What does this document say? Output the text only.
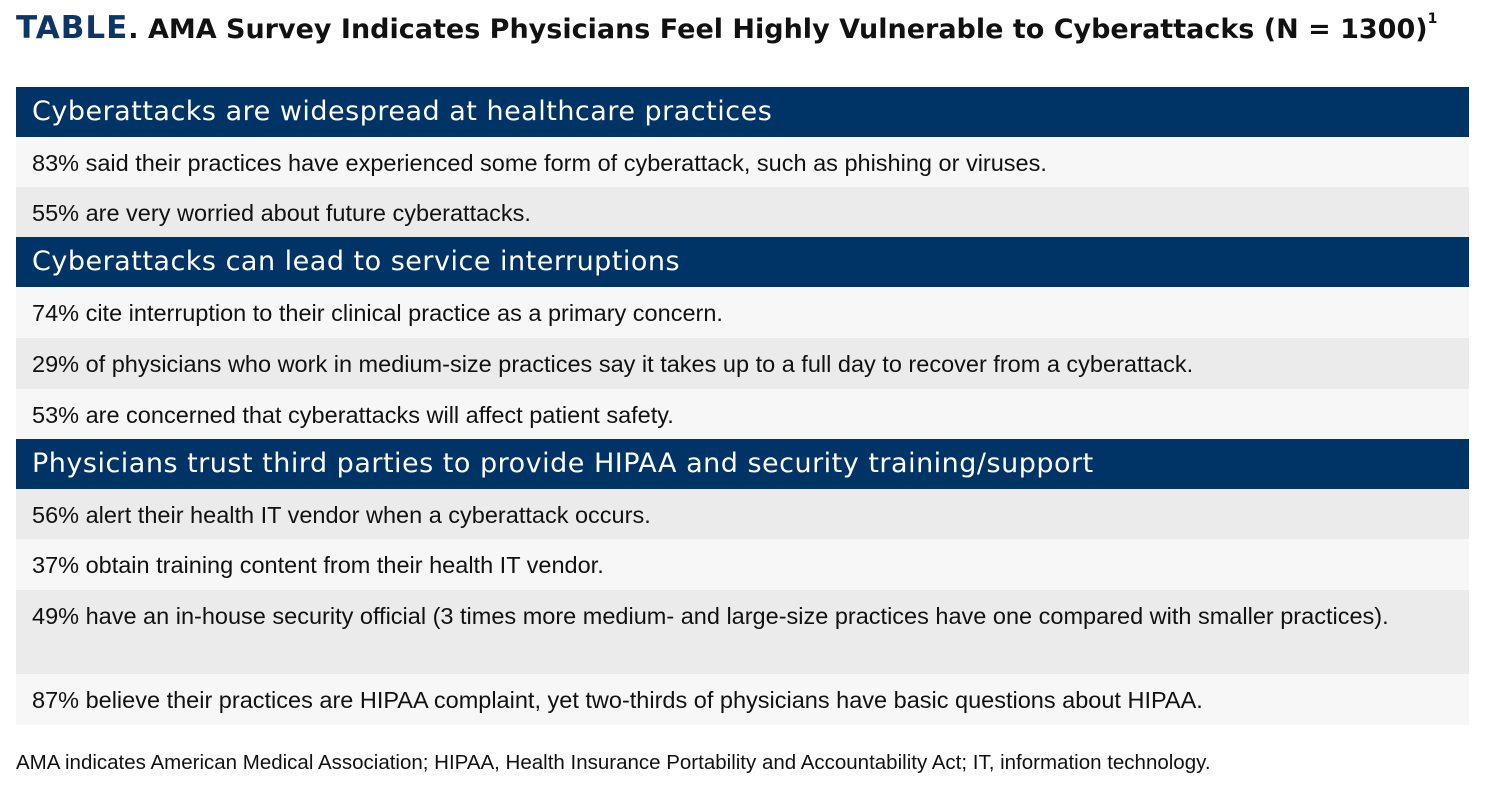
TABLE. AMA Survey Indicates Physicians Feel Highly Vulnerable to Cyberattacks (N = 1300)$^1$
Cyberattacks are widespread at healthcare practices
83% said their practices have experienced some form of cyberattack, such as phishing or viruses.
55% are very worried about future cyberattacks.
Cyberattacks can lead to service interruptions
74% cite interruption to their clinical practice as a primary concern.
29% of physicians who work in medium-size practices say it takes up to a full day to recover from a cyberattack.
53% are concerned that cyberattacks will affect patient safety.
Physicians trust third parties to provide HIPAA and security training/support
56% alert their health IT vendor when a cyberattack occurs.
37% obtain training content from their health IT vendor.
49% have an in-house security official (3 times more medium- and large-size practices have one compared with smaller practices).
87% believe their practices are HIPAA complaint, yet two-thirds of physicians have basic questions about HIPAA.
AMA indicates American Medical Association; HIPAA, Health Insurance Portability and Accountability Act; IT, information technology.
